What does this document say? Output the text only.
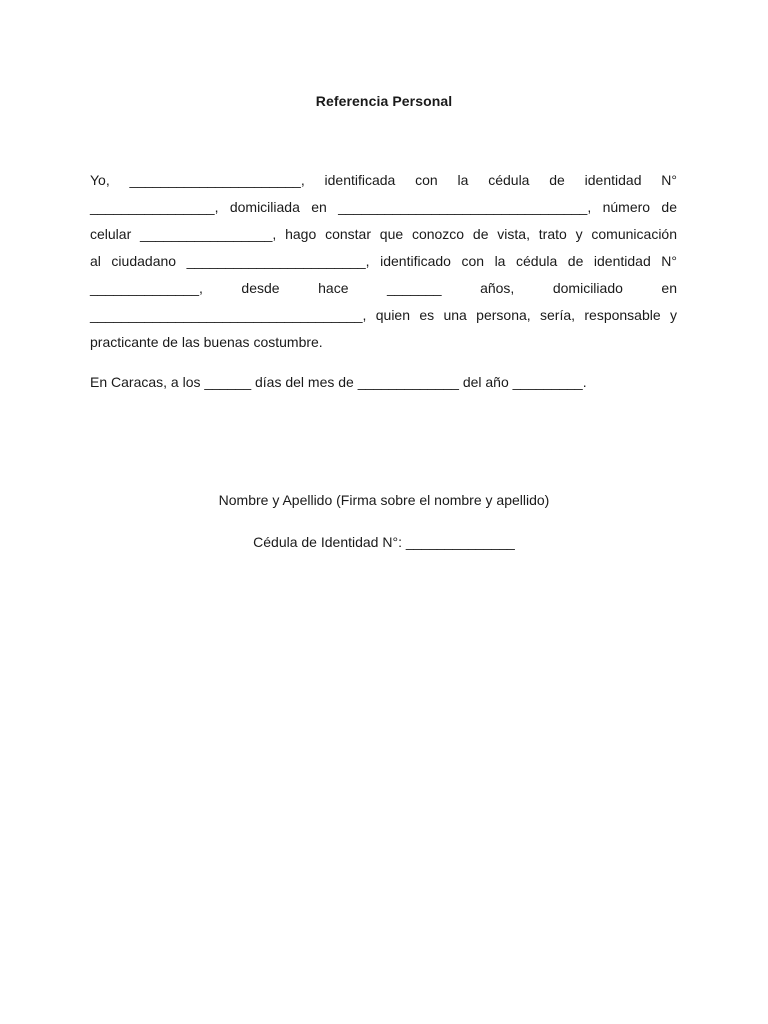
Referencia Personal
Yo, ______________________, identificada con la cédula de identidad N°
________________, domiciliada en ________________________________, número de
celular _________________, hago constar que conozco de vista, trato y comunicación
al ciudadano _______________________, identificado con la cédula de identidad N°
______________, desde hace _______ años, domiciliado en
___________________________________, quien es una persona, sería, responsable y
practicante de las buenas costumbre.
En Caracas, a los ______ días del mes de _____________ del año _________.
Nombre y Apellido (Firma sobre el nombre y apellido)
Cédula de Identidad N°: ______________
